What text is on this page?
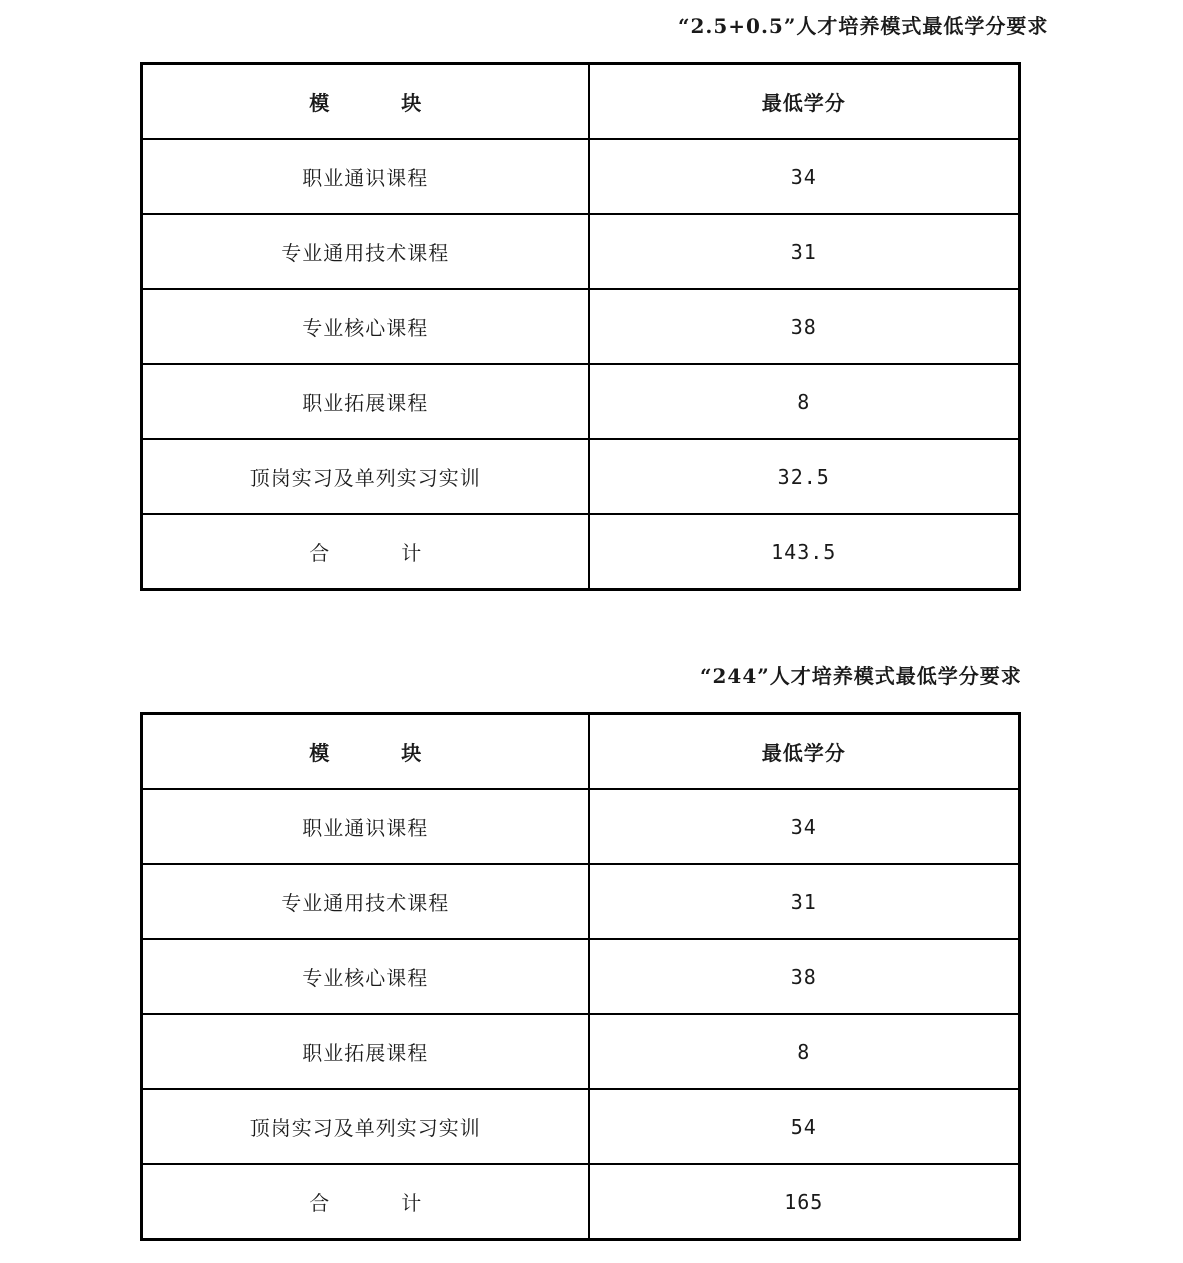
“2.5+0.5”人才培养模式最低学分要求
模 块	最低学分
职业通识课程	34
专业通用技术课程	31
专业核心课程	38
职业拓展课程	8
顶岗实习及单列实习实训	32.5
合 计	143.5
“244”人才培养模式最低学分要求
模 块	最低学分
职业通识课程	34
专业通用技术课程	31
专业核心课程	38
职业拓展课程	8
顶岗实习及单列实习实训	54
合 计	165
